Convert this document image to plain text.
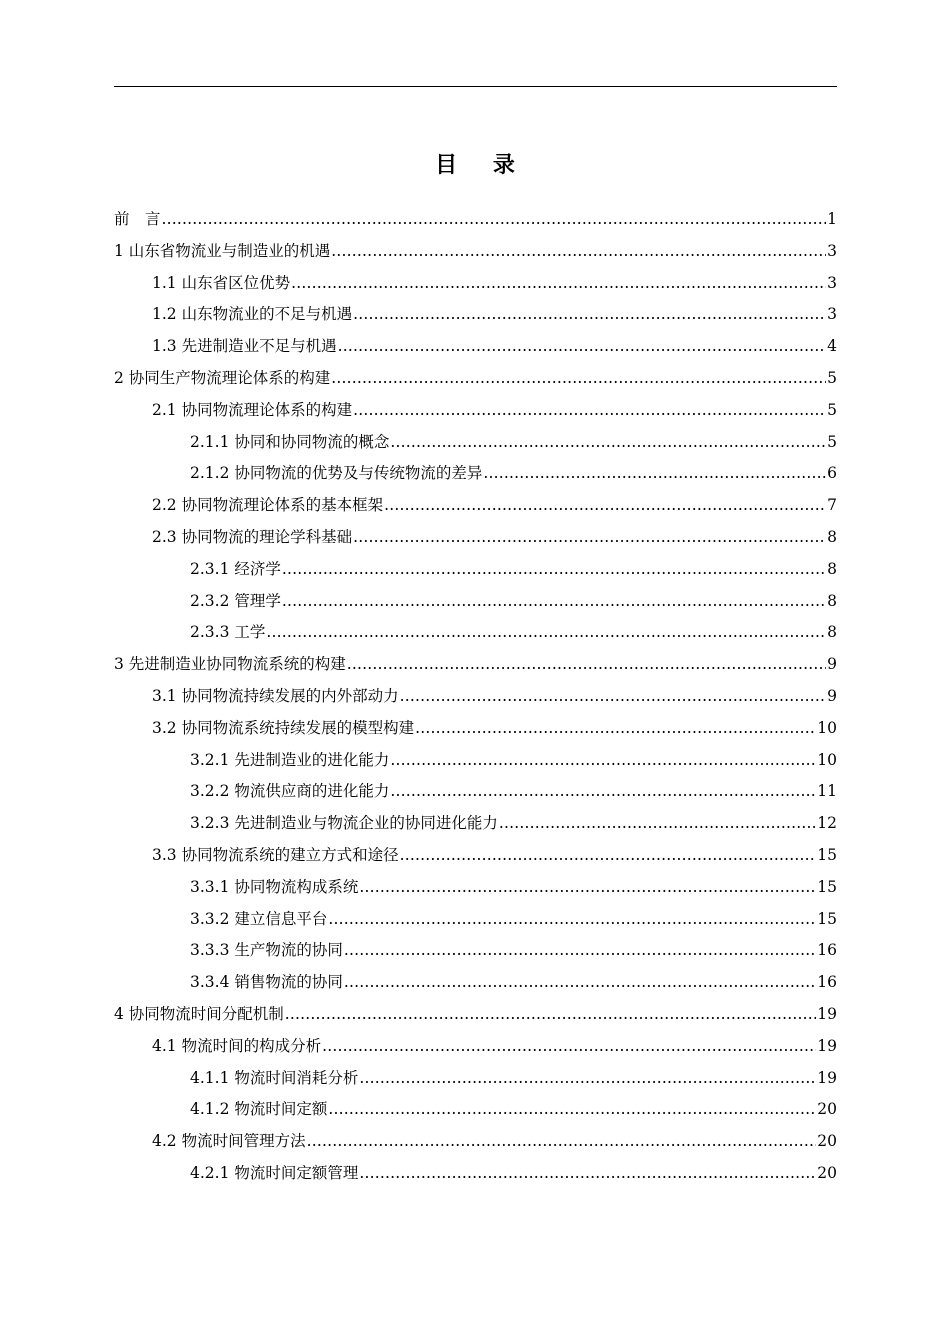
目 录
前　言 .....	1
1 山东省物流业与制造业的机遇 .....	3
1.1 山东省区位优势 .....	3
1.2 山东物流业的不足与机遇 .....	3
1.3 先进制造业不足与机遇 .....	4
2 协同生产物流理论体系的构建 .....	5
2.1 协同物流理论体系的构建 .....	5
2.1.1 协同和协同物流的概念 .....	5
2.1.2 协同物流的优势及与传统物流的差异 .....	6
2.2 协同物流理论体系的基本框架 .....	7
2.3 协同物流的理论学科基础 .....	8
2.3.1 经济学 .....	8
2.3.2 管理学 .....	8
2.3.3 工学 .....	8
3 先进制造业协同物流系统的构建 .....	9
3.1 协同物流持续发展的内外部动力 .....	9
3.2 协同物流系统持续发展的模型构建 .....	10
3.2.1 先进制造业的进化能力 .....	10
3.2.2 物流供应商的进化能力 .....	11
3.2.3 先进制造业与物流企业的协同进化能力 .....	12
3.3 协同物流系统的建立方式和途径 .....	15
3.3.1 协同物流构成系统 .....	15
3.3.2 建立信息平台 .....	15
3.3.3 生产物流的协同 .....	16
3.3.4 销售物流的协同 .....	16
4 协同物流时间分配机制 .....	19
4.1 物流时间的构成分析 .....	19
4.1.1 物流时间消耗分析 .....	19
4.1.2 物流时间定额 .....	20
4.2 物流时间管理方法 .....	20
4.2.1 物流时间定额管理 .....	20
